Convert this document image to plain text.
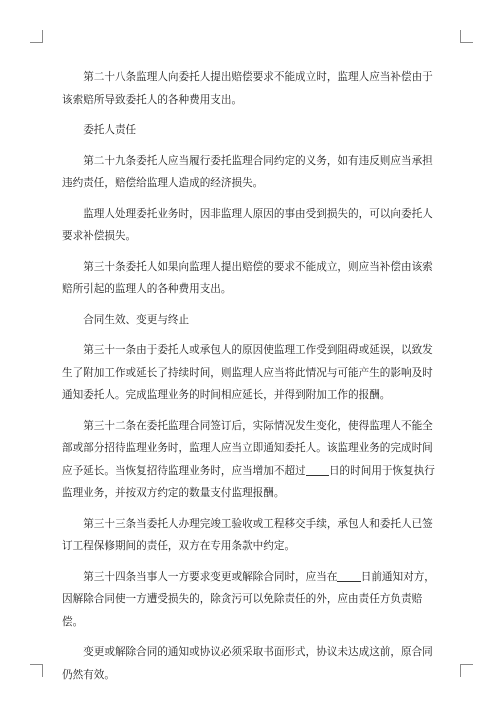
第二十八条监理人向委托人提出赔偿要求不能成立时，监理人应当补偿由于该索赔所导致委托人的各种费用支出。

委托人责任

第二十九条委托人应当履行委托监理合同约定的义务，如有违反则应当承担违约责任，赔偿给监理人造成的经济损失。

监理人处理委托业务时，因非监理人原因的事由受到损失的，可以向委托人要求补偿损失。

第三十条委托人如果向监理人提出赔偿的要求不能成立，则应当补偿由该索赔所引起的监理人的各种费用支出。

合同生效、变更与终止

第三十一条由于委托人或承包人的原因使监理工作受到阻碍或延误，以致发生了附加工作或延长了持续时间，则监理人应当将此情况与可能产生的影响及时通知委托人。完成监理业务的时间相应延长，并得到附加工作的报酬。

第三十二条在委托监理合同签订后，实际情况发生变化，使得监理人不能全部或部分招待监理业务时，监理人应当立即通知委托人。该监理业务的完成时间应予延长。当恢复招待监理业务时，应当增加不超过 日的时间用于恢复执行监理业务，并按双方约定的数量支付监理报酬。

第三十三条当委托人办理完竣工验收或工程移交手续，承包人和委托人已签订工程保修期间的责任，双方在专用条款中约定。

第三十四条当事人一方要求变更或解除合同时，应当在 日前通知对方，因解除合同使一方遭受损失的，除贪污可以免除责任的外，应由责任方负责赔偿。

变更或解除合同的通知或协议必须采取书面形式，协议未达成这前，原合同仍然有效。
